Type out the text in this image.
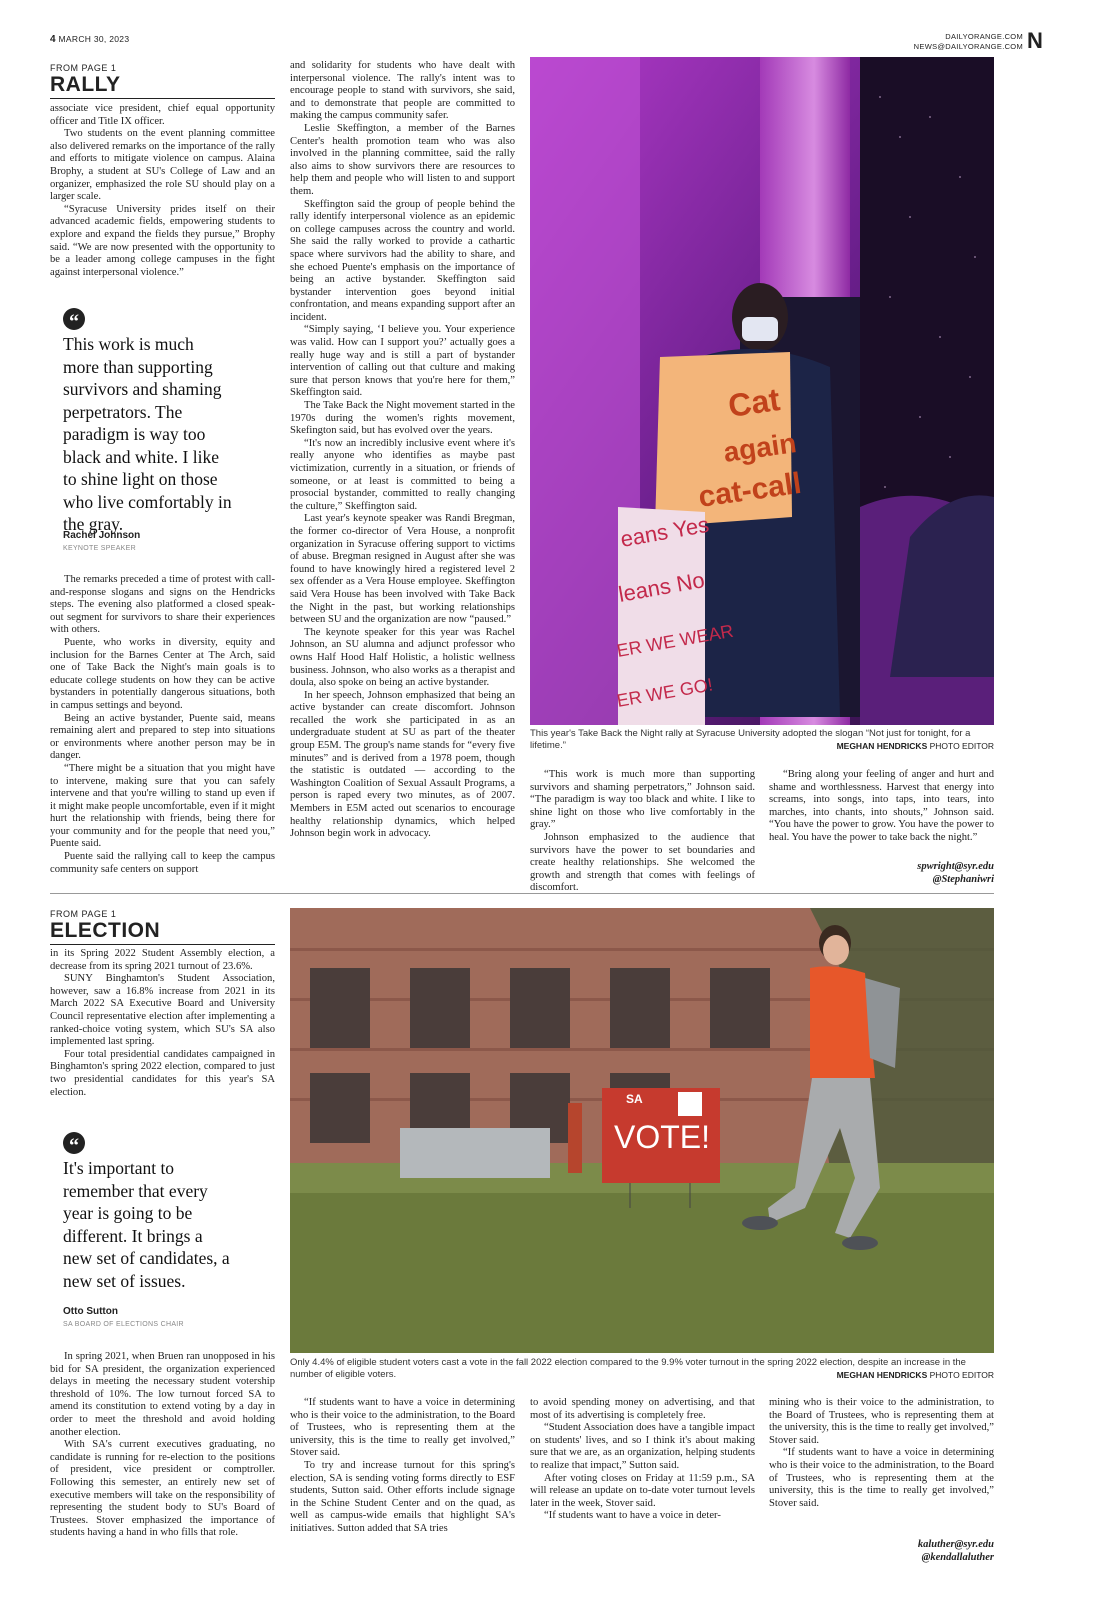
4 MARCH 30, 2023	DAILYORANGE.COM
NEWS@DAILYORANGE.COM N
FROM PAGE 1
RALLY

associate vice president, chief equal opportunity officer and Title IX officer.

Two students on the event planning committee also delivered remarks on the importance of the rally and efforts to mitigate violence on campus. Alaina Brophy, a student at SU's College of Law and an organizer, emphasized the role SU should play on a larger scale.

“Syracuse University prides itself on their advanced academic fields, empowering students to explore and expand the fields they pursue,” Brophy said. “We are now presented with the opportunity to be a leader among college campuses in the fight against interpersonal violence.”

“
This work is much more than supporting survivors and shaming perpetrators. The paradigm is way too black and white. I like to shine light on those who live comfortably in the gray.
Rachel Johnson
KEYNOTE SPEAKER

The remarks preceded a time of protest with call-and-response slogans and signs on the Hendricks steps. The evening also platformed a closed speak-out segment for survivors to share their experiences with others.

Puente, who works in diversity, equity and inclusion for the Barnes Center at The Arch, said one of Take Back the Night's main goals is to educate college students on how they can be active bystanders in potentially dangerous situations, both in campus settings and beyond.

Being an active bystander, Puente said, means remaining alert and prepared to step into situations or environments where another person may be in danger.

“There might be a situation that you might have to intervene, making sure that you can safely intervene and that you're willing to stand up even if it might make people uncomfortable, even if it might hurt the relationship with friends, being there for your community and for the people that need you,” Puente said.

Puente said the rallying call to keep the campus community safe centers on support

and solidarity for students who have dealt with interpersonal violence. The rally's intent was to encourage people to stand with survivors, she said, and to demonstrate that people are committed to making the campus community safer.

Leslie Skeffington, a member of the Barnes Center's health promotion team who was also involved in the planning committee, said the rally also aims to show survivors there are resources to help them and people who will listen to and support them.

Skeffington said the group of people behind the rally identify interpersonal violence as an epidemic on college campuses across the country and world. She said the rally worked to provide a cathartic space where survivors had the ability to share, and she echoed Puente's emphasis on the importance of being an active bystander. Skeffington said bystander intervention goes beyond initial confrontation, and means expanding support after an incident.

“Simply saying, ‘I believe you. Your experience was valid. How can I support you?’ actually goes a really huge way and is still a part of bystander intervention of calling out that culture and making sure that person knows that you're here for them,” Skeffington said.

The Take Back the Night movement started in the 1970s during the women's rights movement, Skefington said, but has evolved over the years.

“It's now an incredibly inclusive event where it's really anyone who identifies as maybe past victimization, currently in a situation, or friends of someone, or at least is committed to being a prosocial bystander, committed to really changing the culture,” Skeffington said.

Last year's keynote speaker was Randi Bregman, the former co-director of Vera House, a nonprofit organization in Syracuse offering support to victims of abuse. Bregman resigned in August after she was found to have knowingly hired a registered level 2 sex offender as a Vera House employee. Skeffington said Vera House has been involved with Take Back the Night in the past, but working relationships between SU and the organization are now “paused.”

The keynote speaker for this year was Rachel Johnson, an SU alumna and adjunct professor who owns Half Hood Half Holistic, a holistic wellness business. Johnson, who also works as a therapist and doula, also spoke on being an active bystander.

In her speech, Johnson emphasized that being an active bystander can create discomfort. Johnson recalled the work she participated in as an undergraduate student at SU as part of the theater group E5M. The group's name stands for “every five minutes” and is derived from a 1978 poem, though the statistic is outdated — according to the Washington Coalition of Sexual Assault Programs, a person is raped every two minutes, as of 2007. Members in E5M acted out scenarios to encourage healthy relationship dynamics, which helped Johnson begin work in advocacy.

Cat
again
cat-call
eans Yes
leans No
ER WE WEAR
ER WE GO!
This year's Take Back the Night rally at Syracuse University adopted the slogan “Not just for tonight, for a lifetime.”	MEGHAN HENDRICKS PHOTO EDITOR

“This work is much more than supporting survivors and shaming perpetrators,” Johnson said. “The paradigm is way too black and white. I like to shine light on those who live comfortably in the gray.”

Johnson emphasized to the audience that survivors have the power to set boundaries and create healthy relationships. She welcomed the growth and strength that comes with feelings of discomfort.

“Bring along your feeling of anger and hurt and shame and worthlessness. Harvest that energy into screams, into songs, into taps, into tears, into marches, into chants, into shouts,” Johnson said. “You have the power to grow. You have the power to heal. You have the power to take back the night.”

spwright@syr.edu
@Stephaniwri
FROM PAGE 1
ELECTION

in its Spring 2022 Student Assembly election, a decrease from its spring 2021 turnout of 23.6%.

SUNY Binghamton's Student Association, however, saw a 16.8% increase from 2021 in its March 2022 SA Executive Board and University Council representative election after implementing a ranked-choice voting system, which SU's SA also implemented last spring.

Four total presidential candidates campaigned in Binghamton's spring 2022 election, compared to just two presidential candidates for this year's SA election.

“
It's important to remember that every year is going to be different. It brings a new set of candidates, a new set of issues.
Otto Sutton
SA BOARD OF ELECTIONS CHAIR

In spring 2021, when Bruen ran unopposed in his bid for SA president, the organization experienced delays in meeting the necessary student votership threshold of 10%. The low turnout forced SA to amend its constitution to extend voting by a day in order to meet the threshold and avoid holding another election.

With SA's current executives graduating, no candidate is running for re-election to the positions of president, vice president or comptroller. Following this semester, an entirely new set of executive members will take on the responsibility of representing the student body to SU's Board of Trustees. Stover emphasized the importance of students having a hand in who fills that role.

SA
VOTE!
Only 4.4% of eligible student voters cast a vote in the fall 2022 election compared to the 9.9% voter turnout in the spring 2022 election, despite an increase in the number of eligible voters.	MEGHAN HENDRICKS PHOTO EDITOR

“If students want to have a voice in determining who is their voice to the administration, to the Board of Trustees, who is representing them at the university, this is the time to really get involved,” Stover said.

To try and increase turnout for this spring's election, SA is sending voting forms directly to ESF students, Sutton said. Other efforts include signage in the Schine Student Center and on the quad, as well as campus-wide emails that highlight SA's initiatives. Sutton added that SA tries

to avoid spending money on advertising, and that most of its advertising is completely free.

“Student Association does have a tangible impact on students' lives, and so I think it's about making sure that we are, as an organization, helping students to realize that impact,” Sutton said.

After voting closes on Friday at 11:59 p.m., SA will release an update on to-date voter turnout levels later in the week, Stover said.

“If students want to have a voice in deter-

mining who is their voice to the administration, to the Board of Trustees, who is representing them at the university, this is the time to really get involved,” Stover said.

“If students want to have a voice in determining who is their voice to the administration, to the Board of Trustees, who is representing them at the university, this is the time to really get involved,” Stover said.

kaluther@syr.edu
@kendallaluther
